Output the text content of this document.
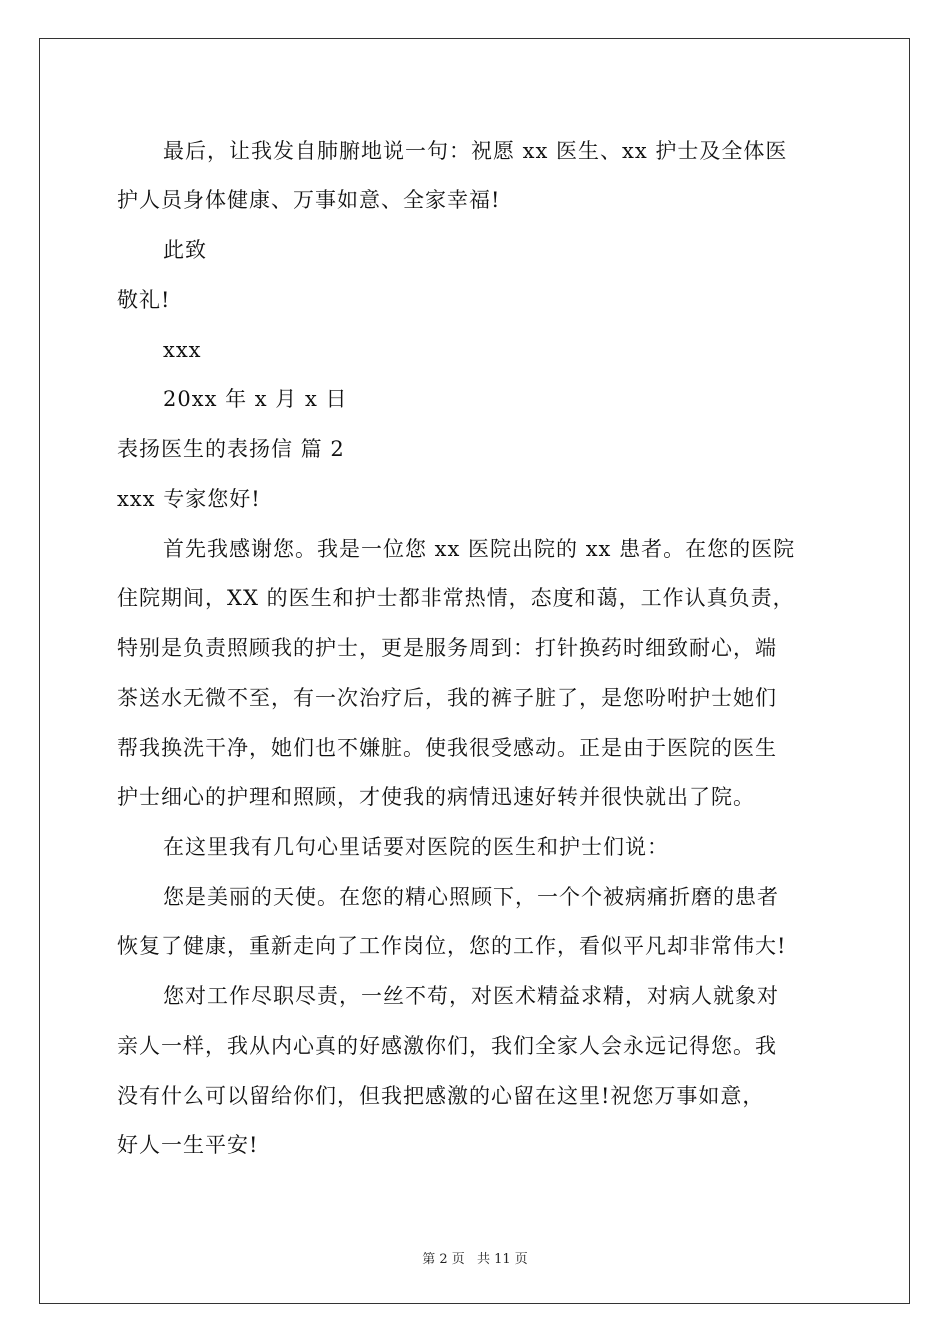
最后，让我发自肺腑地说一句：祝愿 xx 医生、xx 护士及全体医
护人员身体健康、万事如意、全家幸福!
此致
敬礼!
xxx
20xx 年 x 月 x 日
表扬医生的表扬信 篇 2
xxx 专家您好!
首先我感谢您。我是一位您 xx 医院出院的 xx 患者。在您的医院
住院期间，XX 的医生和护士都非常热情，态度和蔼，工作认真负责，
特别是负责照顾我的护士，更是服务周到：打针换药时细致耐心，端
茶送水无微不至，有一次治疗后，我的裤子脏了，是您吩咐护士她们
帮我换洗干净，她们也不嫌脏。使我很受感动。正是由于医院的医生
护士细心的护理和照顾，才使我的病情迅速好转并很快就出了院。
在这里我有几句心里话要对医院的医生和护士们说：
您是美丽的天使。在您的精心照顾下，一个个被病痛折磨的患者
恢复了健康，重新走向了工作岗位，您的工作，看似平凡却非常伟大!
您对工作尽职尽责，一丝不苟，对医术精益求精，对病人就象对
亲人一样，我从内心真的好感激你们，我们全家人会永远记得您。我
没有什么可以留给你们，但我把感激的心留在这里!祝您万事如意，
好人一生平安!
第 2 页 共 11 页
